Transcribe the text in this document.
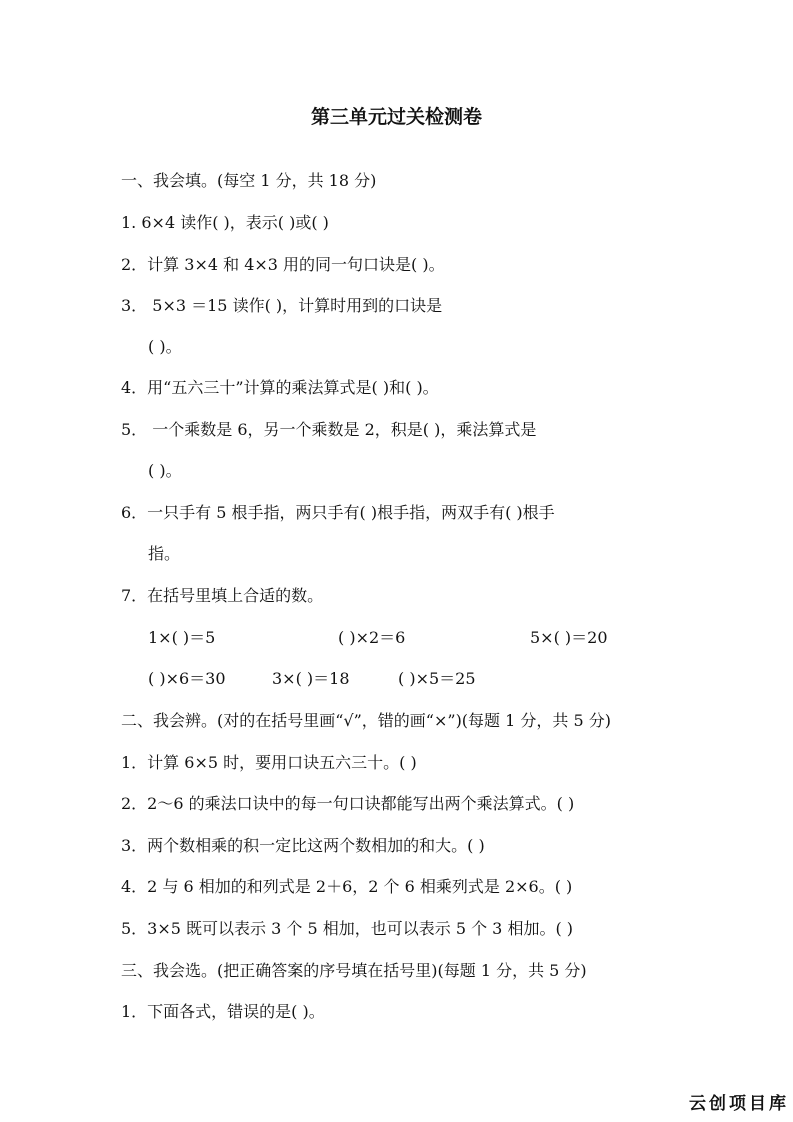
第三单元过关检测卷
一、我会填。(每空 1 分，共 18 分)
1. 6×4 读作( )，表示( )或( )
2．计算 3×4 和 4×3 用的同一句口诀是( )。
3． 5×3 ＝15 读作( )，计算时用到的口诀是
( )。
4．用“五六三十”计算的乘法算式是( )和( )。
5． 一个乘数是 6，另一个乘数是 2，积是( )，乘法算式是
( )。
6．一只手有 5 根手指，两只手有( )根手指，两双手有( )根手
指。
7．在括号里填上合适的数。
1×( )＝5	( )×2＝6	5×( )＝20
( )×6＝30	3×( )＝18	( )×5＝25
二、我会辨。(对的在括号里画“√”，错的画“×”)(每题 1 分，共 5 分)
1．计算 6×5 时，要用口诀五六三十。( )
2．2～6 的乘法口诀中的每一句口诀都能写出两个乘法算式。( )
3．两个数相乘的积一定比这两个数相加的和大。( )
4．2 与 6 相加的和列式是 2＋6，2 个 6 相乘列式是 2×6。( )
5．3×5 既可以表示 3 个 5 相加，也可以表示 5 个 3 相加。( )
三、我会选。(把正确答案的序号填在括号里)(每题 1 分，共 5 分)
1．下面各式，错误的是( )。
云创项目库
